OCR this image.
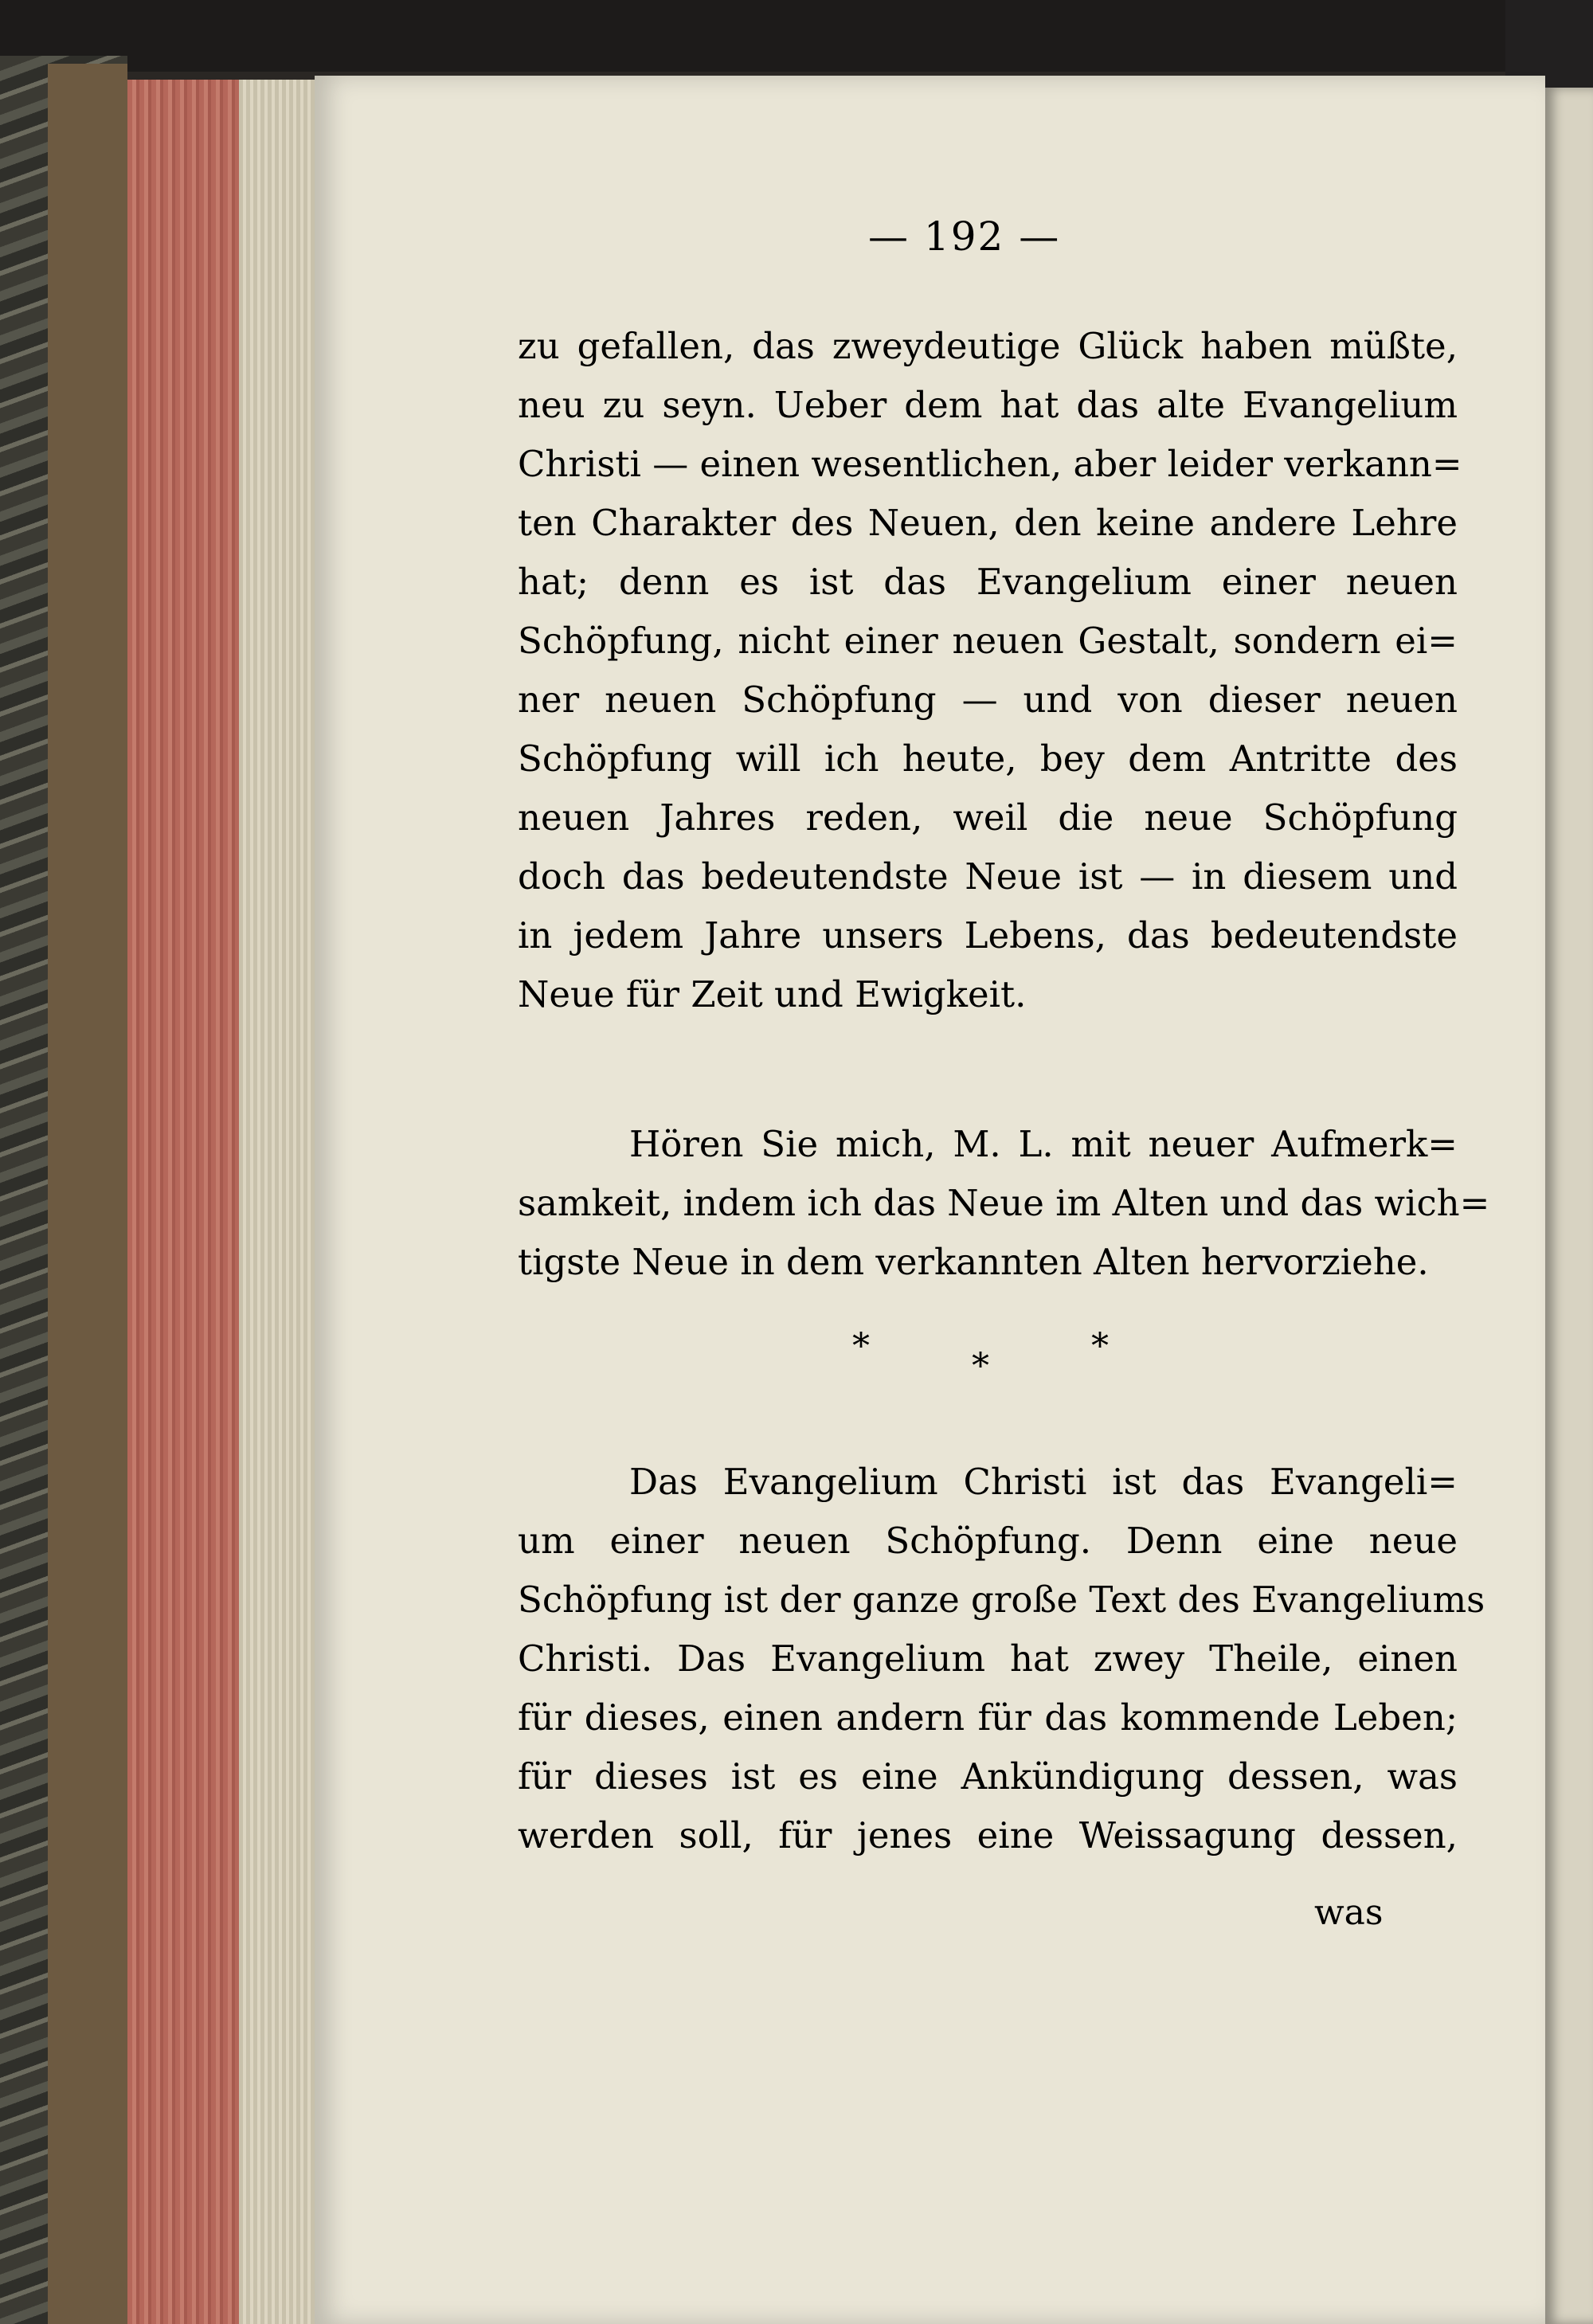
— 192 —
zu gefallen, das zweydeutige Glück haben müßte,
neu zu seyn. Ueber dem hat das alte Evangelium
Christi — einen wesentlichen, aber leider verkann=
ten Charakter des Neuen, den keine andere Lehre
hat; denn es ist das Evangelium einer neuen
Schöpfung, nicht einer neuen Gestalt, sondern ei=
ner neuen Schöpfung — und von dieser neuen
Schöpfung will ich heute, bey dem Antritte des
neuen Jahres reden, weil die neue Schöpfung
doch das bedeutendste Neue ist — in diesem und
in jedem Jahre unsers Lebens, das bedeutendste
Neue für Zeit und Ewigkeit.
Hören Sie mich, M. L. mit neuer Aufmerk=
samkeit, indem ich das Neue im Alten und das wich=
tigste Neue in dem verkannten Alten hervorziehe.
*	*	*
Das Evangelium Christi ist das Evangeli=
um einer neuen Schöpfung. Denn eine neue
Schöpfung ist der ganze große Text des Evangeliums
Christi. Das Evangelium hat zwey Theile, einen
für dieses, einen andern für das kommende Leben;
für dieses ist es eine Ankündigung dessen, was
werden soll, für jenes eine Weissagung dessen,
was
